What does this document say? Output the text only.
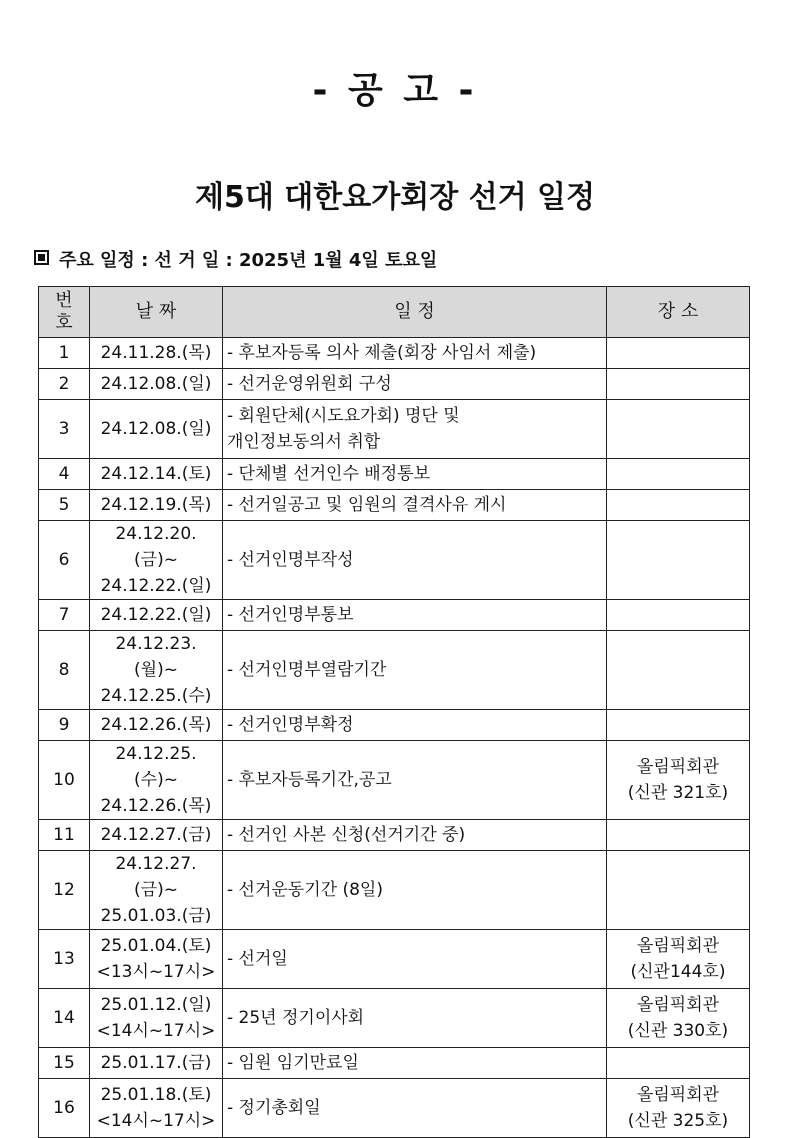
- 공 고 -
제5대 대한요가회장 선거 일정
주요 일정 : 선 거 일 : 2025년 1월 4일 토요일
번
호	날 짜	일 정	장 소

1	24.11.28.(목)	- 후보자등록 의사 제출(회장 사임서 제출)	

2	24.12.08.(일)	- 선거운영위원회 구성	

3	24.12.08.(일)	- 회원단체(시도요가회) 명단 및
개인정보동의서 취합	

4	24.12.14.(토)	- 단체별 선거인수 배정통보	

5	24.12.19.(목)	- 선거일공고 및 임원의 결격사유 게시	

6	24.12.20.(금)~
24.12.22.(일)	- 선거인명부작성	

7	24.12.22.(일)	- 선거인명부통보	

8	24.12.23.(월)~
24.12.25.(수)	- 선거인명부열람기간	

9	24.12.26.(목)	- 선거인명부확정	

10	24.12.25.(수)~
24.12.26.(목)	- 후보자등록기간,공고	올림픽회관
(신관 321호)

11	24.12.27.(금)	- 선거인 사본 신청(선거기간 중)	

12	24.12.27.(금)~
25.01.03.(금)	- 선거운동기간 (8일)	

13	25.01.04.(토)
<13시~17시>	- 선거일	올림픽회관
(신관144호)

14	25.01.12.(일)
<14시~17시>	- 25년 정기이사회	올림픽회관
(신관 330호)

15	25.01.17.(금)	- 임원 임기만료일	

16	25.01.18.(토)
<14시~17시>	- 정기총회일	올림픽회관
(신관 325호)
